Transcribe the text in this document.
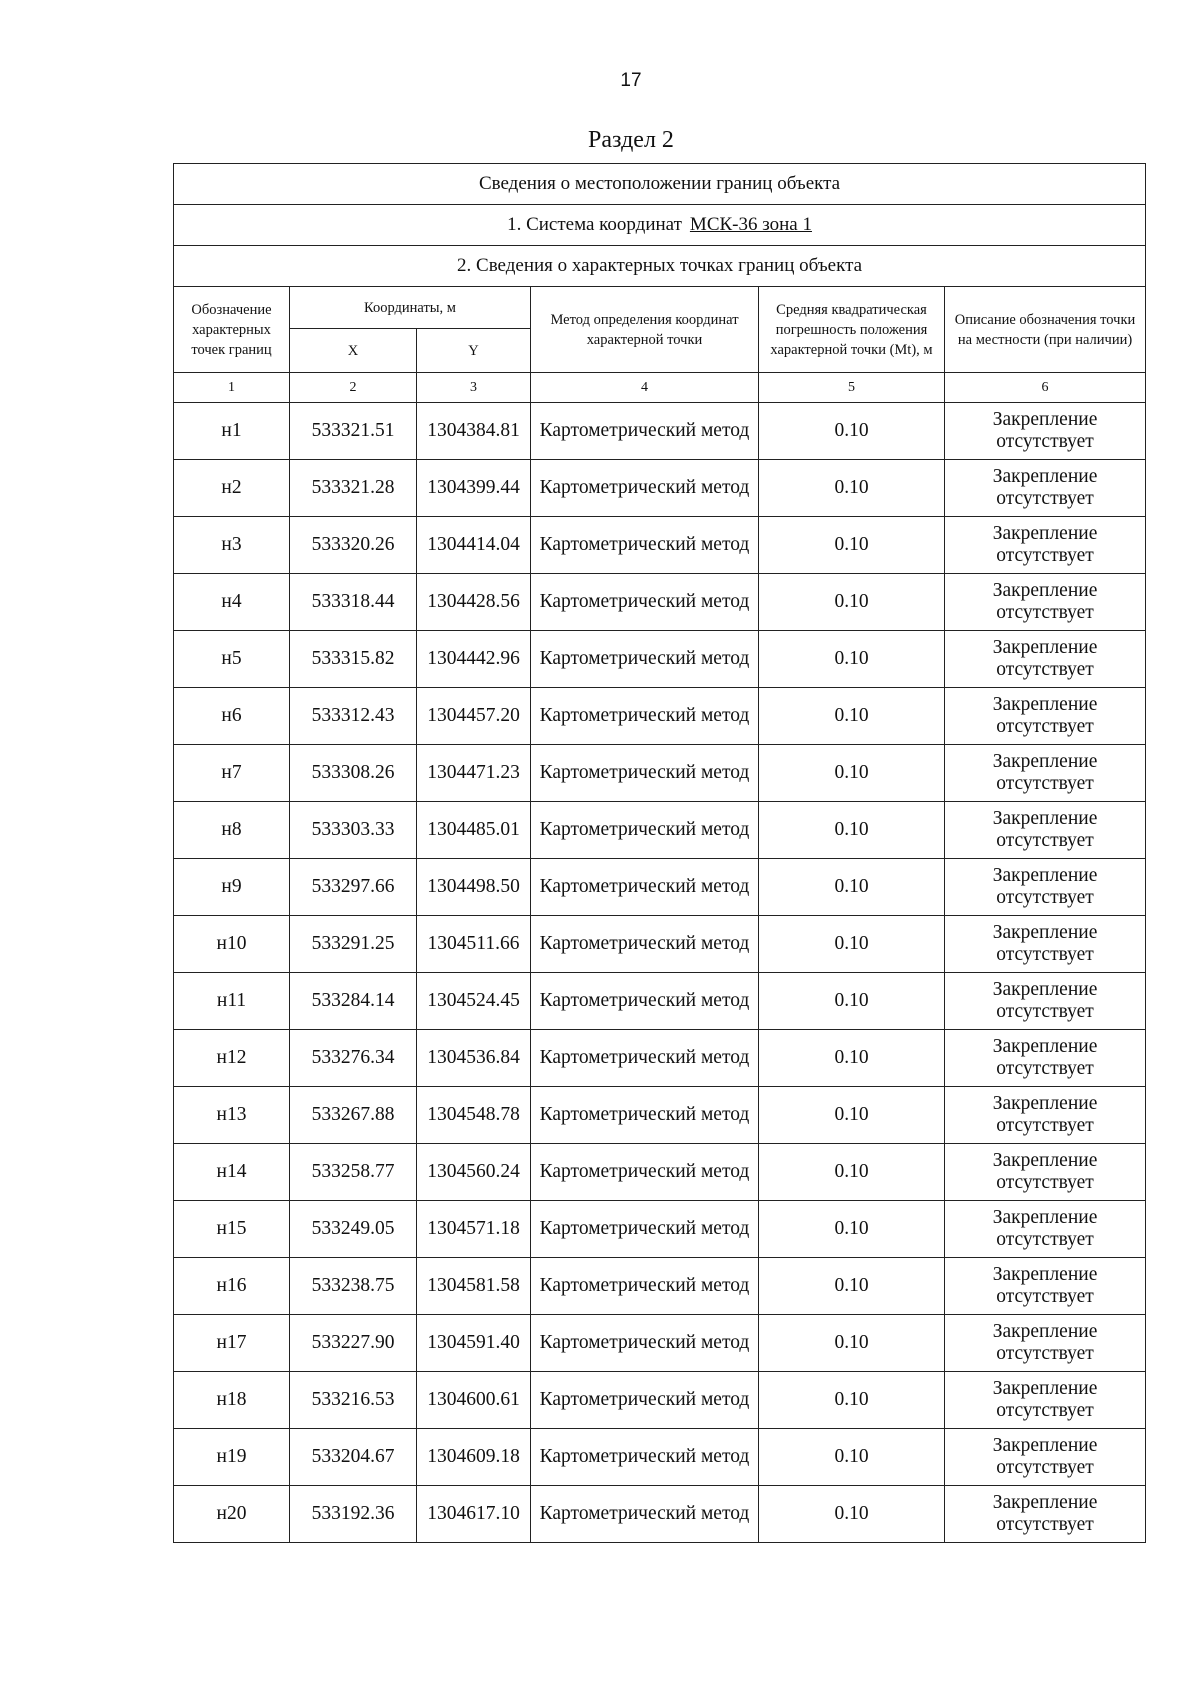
17
Раздел 2
Сведения о местоположении границ объекта					
1. Система координат МСК-36 зона 1					
2. Сведения о характерных точках границ объекта					
Обозначение характерных точек границ	Координаты, м		Метод определения координат характерной точки	Средняя квадратическая погрешность положения характерной точки (Mt), м	Описание обозначения точки на местности (при наличии)
	X	Y			
1	2	3	4	5	6
н1	533321.51	1304384.81	Картометрический метод	0.10	Закрепление
отсутствует

н2	533321.28	1304399.44	Картометрический метод	0.10	Закрепление
отсутствует

н3	533320.26	1304414.04	Картометрический метод	0.10	Закрепление
отсутствует

н4	533318.44	1304428.56	Картометрический метод	0.10	Закрепление
отсутствует

н5	533315.82	1304442.96	Картометрический метод	0.10	Закрепление
отсутствует

н6	533312.43	1304457.20	Картометрический метод	0.10	Закрепление
отсутствует

н7	533308.26	1304471.23	Картометрический метод	0.10	Закрепление
отсутствует

н8	533303.33	1304485.01	Картометрический метод	0.10	Закрепление
отсутствует

н9	533297.66	1304498.50	Картометрический метод	0.10	Закрепление
отсутствует

н10	533291.25	1304511.66	Картометрический метод	0.10	Закрепление
отсутствует

н11	533284.14	1304524.45	Картометрический метод	0.10	Закрепление
отсутствует

н12	533276.34	1304536.84	Картометрический метод	0.10	Закрепление
отсутствует

н13	533267.88	1304548.78	Картометрический метод	0.10	Закрепление
отсутствует

н14	533258.77	1304560.24	Картометрический метод	0.10	Закрепление
отсутствует

н15	533249.05	1304571.18	Картометрический метод	0.10	Закрепление
отсутствует

н16	533238.75	1304581.58	Картометрический метод	0.10	Закрепление
отсутствует

н17	533227.90	1304591.40	Картометрический метод	0.10	Закрепление
отсутствует

н18	533216.53	1304600.61	Картометрический метод	0.10	Закрепление
отсутствует

н19	533204.67	1304609.18	Картометрический метод	0.10	Закрепление
отсутствует

н20	533192.36	1304617.10	Картометрический метод	0.10	Закрепление
отсутствует
